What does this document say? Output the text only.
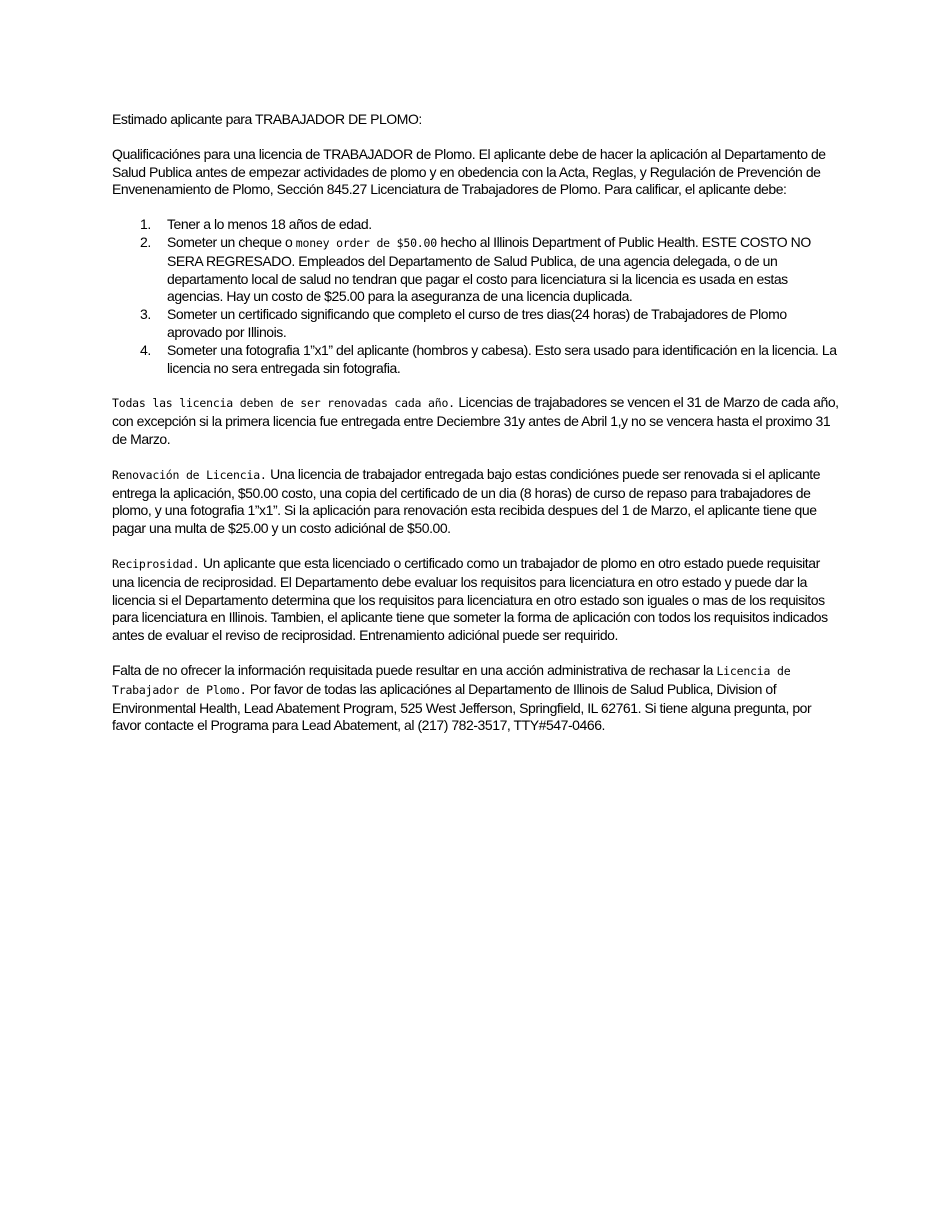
Estimado aplicante para TRABAJADOR DE PLOMO:

Qualificaciónes para una licencia de TRABAJADOR de Plomo. El aplicante debe de hacer la aplicación al Departamento de Salud Publica antes de empezar actividades de plomo y en obedencia con la Acta, Reglas, y Regulación de Prevención de Envenenamiento de Plomo, Sección 845.27 Licenciatura de Trabajadores de Plomo. Para calificar, el aplicante debe:

1. Tener a lo menos 18 años de edad.
2. Someter un cheque o money order de $50.00 hecho al Illinois Department of Public Health. ESTE COSTO NO SERA REGRESADO. Empleados del Departamento de Salud Publica, de una agencia delegada, o de un departamento local de salud no tendran que pagar el costo para licenciatura si la licencia es usada en estas agencias. Hay un costo de $25.00 para la aseguranza de una licencia duplicada.
3. Someter un certificado significando que completo el curso de tres dias(24 horas) de Trabajadores de Plomo aprovado por Illinois.
4. Someter una fotografia 1”x1” del aplicante (hombros y cabesa). Esto sera usado para identificación en la licencia. La licencia no sera entregada sin fotografia.

Todas las licencia deben de ser renovadas cada año. Licencias de trajabadores se vencen el 31 de Marzo de cada año, con excepción si la primera licencia fue entregada entre Deciembre 31y antes de Abril 1,y no se vencera hasta el proximo 31 de Marzo.

Renovación de Licencia. Una licencia de trabajador entregada bajo estas condiciónes puede ser renovada si el aplicante entrega la aplicación, $50.00 costo, una copia del certificado de un dia (8 horas) de curso de repaso para trabajadores de plomo, y una fotografia 1”x1”. Si la aplicación para renovación esta recibida despues del 1 de Marzo, el aplicante tiene que pagar una multa de $25.00 y un costo adiciónal de $50.00.

Reciprosidad. Un aplicante que esta licenciado o certificado como un trabajador de plomo en otro estado puede requisitar una licencia de reciprosidad. El Departamento debe evaluar los requisitos para licenciatura en otro estado y puede dar la licencia si el Departamento determina que los requisitos para licenciatura en otro estado son iguales o mas de los requisitos para licenciatura en Illinois. Tambien, el aplicante tiene que someter la forma de aplicación con todos los requisitos indicados antes de evaluar el reviso de reciprosidad. Entrenamiento adiciónal puede ser requirido.

Falta de no ofrecer la información requisitada puede resultar en una acción administrativa de rechasar la Licencia de Trabajador de Plomo. Por favor de todas las aplicaciónes al Departamento de Illinois de Salud Publica, Division of Environmental Health, Lead Abatement Program, 525 West Jefferson, Springfield, IL 62761. Si tiene alguna pregunta, por favor contacte el Programa para Lead Abatement, al (217) 782-3517, TTY#547-0466.
